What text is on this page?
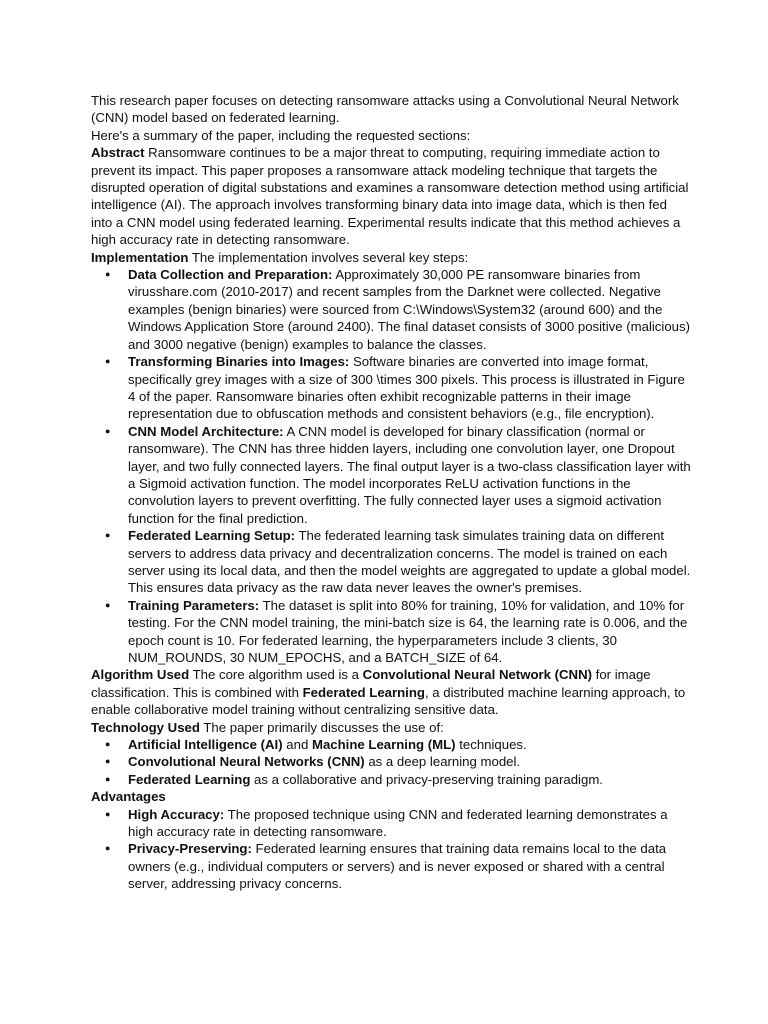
This research paper focuses on detecting ransomware attacks using a Convolutional Neural Network (CNN) model based on federated learning.

Here's a summary of the paper, including the requested sections:

Abstract Ransomware continues to be a major threat to computing, requiring immediate action to prevent its impact. This paper proposes a ransomware attack modeling technique that targets the disrupted operation of digital substations and examines a ransomware detection method using artificial intelligence (AI). The approach involves transforming binary data into image data, which is then fed into a CNN model using federated learning. Experimental results indicate that this method achieves a high accuracy rate in detecting ransomware.

Implementation The implementation involves several key steps:

● Data Collection and Preparation: Approximately 30,000 PE ransomware binaries from virusshare.com (2010-2017) and recent samples from the Darknet were collected. Negative examples (benign binaries) were sourced from C:\Windows\System32 (around 600) and the Windows Application Store (around 2400). The final dataset consists of 3000 positive (malicious) and 3000 negative (benign) examples to balance the classes.
● Transforming Binaries into Images: Software binaries are converted into image format, specifically grey images with a size of 300 \times 300 pixels. This process is illustrated in Figure 4 of the paper. Ransomware binaries often exhibit recognizable patterns in their image representation due to obfuscation methods and consistent behaviors (e.g., file encryption).
● CNN Model Architecture: A CNN model is developed for binary classification (normal or ransomware). The CNN has three hidden layers, including one convolution layer, one Dropout layer, and two fully connected layers. The final output layer is a two-class classification layer with a Sigmoid activation function. The model incorporates ReLU activation functions in the convolution layers to prevent overfitting. The fully connected layer uses a sigmoid activation function for the final prediction.
● Federated Learning Setup: The federated learning task simulates training data on different servers to address data privacy and decentralization concerns. The model is trained on each server using its local data, and then the model weights are aggregated to update a global model. This ensures data privacy as the raw data never leaves the owner's premises.
● Training Parameters: The dataset is split into 80% for training, 10% for validation, and 10% for testing. For the CNN model training, the mini-batch size is 64, the learning rate is 0.006, and the epoch count is 10. For federated learning, the hyperparameters include 3 clients, 30 NUM_ROUNDS, 30 NUM_EPOCHS, and a BATCH_SIZE of 64.

Algorithm Used The core algorithm used is a Convolutional Neural Network (CNN) for image classification. This is combined with Federated Learning, a distributed machine learning approach, to enable collaborative model training without centralizing sensitive data.

Technology Used The paper primarily discusses the use of:

● Artificial Intelligence (AI) and Machine Learning (ML) techniques.
● Convolutional Neural Networks (CNN) as a deep learning model.
● Federated Learning as a collaborative and privacy-preserving training paradigm.

Advantages

● High Accuracy: The proposed technique using CNN and federated learning demonstrates a high accuracy rate in detecting ransomware.
● Privacy-Preserving: Federated learning ensures that training data remains local to the data owners (e.g., individual computers or servers) and is never exposed or shared with a central server, addressing privacy concerns.
